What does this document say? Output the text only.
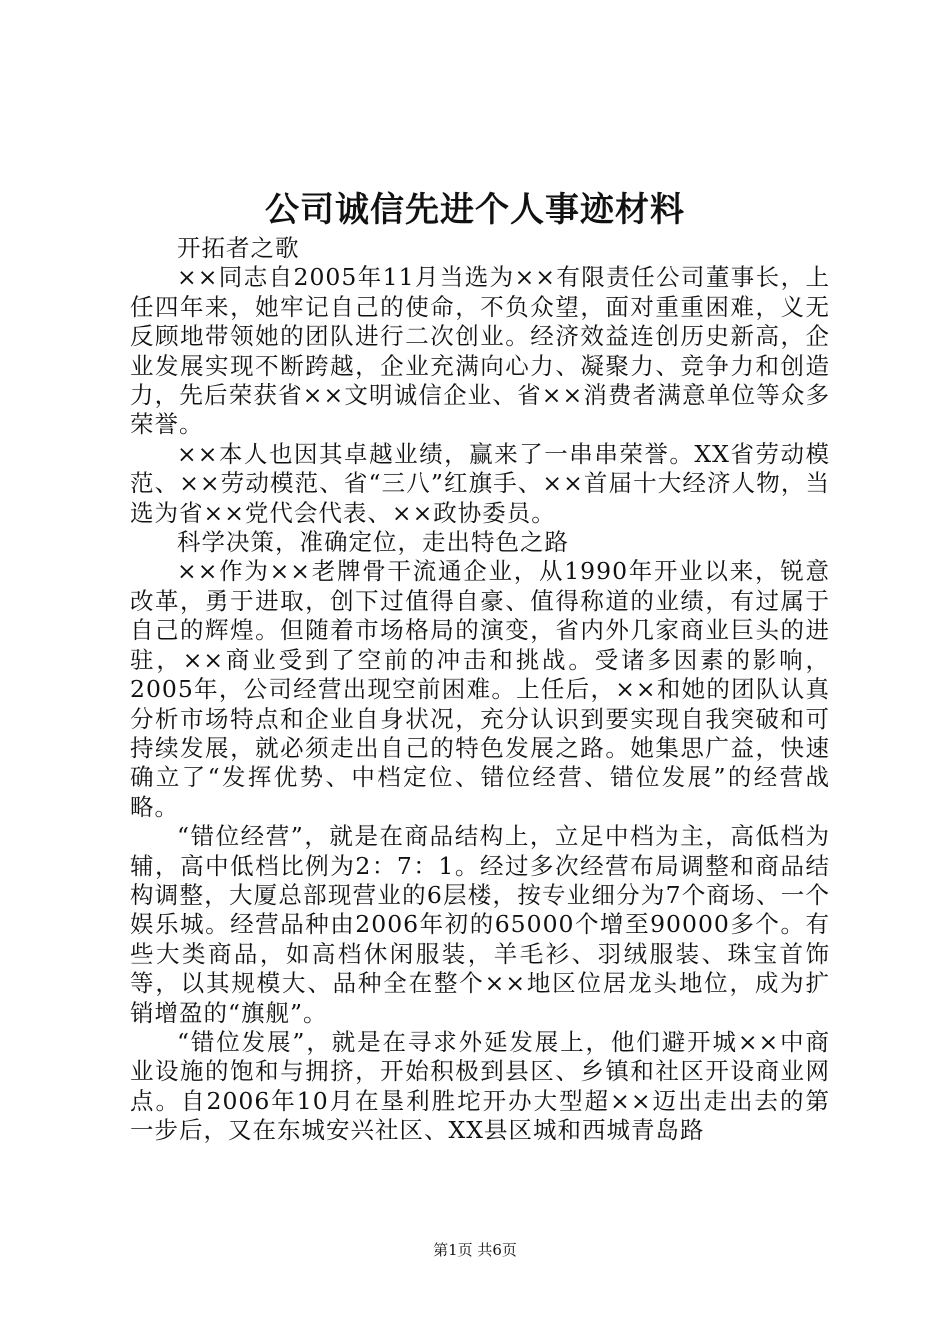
公司诚信先进个人事迹材料

开拓者之歌

××同志自2005年11月当选为××有限责任公司董事长，上任四年来，她牢记自己的使命，不负众望，面对重重困难，义无反顾地带领她的团队进行二次创业。经济效益连创历史新高，企业发展实现不断跨越，企业充满向心力、凝聚力、竞争力和创造力，先后荣获省××文明诚信企业、省××消费者满意单位等众多荣誉。

××本人也因其卓越业绩，赢来了一串串荣誉。XX省劳动模范、××劳动模范、省“三八”红旗手、××首届十大经济人物，当选为省××党代会代表、××政协委员。

科学决策，准确定位，走出特色之路

××作为××老牌骨干流通企业，从1990年开业以来，锐意改革，勇于进取，创下过值得自豪、值得称道的业绩，有过属于自己的辉煌。但随着市场格局的演变，省内外几家商业巨头的进驻，××商业受到了空前的冲击和挑战。受诸多因素的影响，2005年，公司经营出现空前困难。上任后，××和她的团队认真分析市场特点和企业自身状况，充分认识到要实现自我突破和可持续发展，就必须走出自己的特色发展之路。她集思广益，快速确立了“发挥优势、中档定位、错位经营、错位发展”的经营战略。

“错位经营”，就是在商品结构上，立足中档为主，高低档为辅，高中低档比例为2：7：1。经过多次经营布局调整和商品结构调整，大厦总部现营业的6层楼，按专业细分为7个商场、一个娱乐城。经营品种由2006年初的65000个增至90000多个。有些大类商品，如高档休闲服装，羊毛衫、羽绒服装、珠宝首饰等，以其规模大、品种全在整个××地区位居龙头地位，成为扩销增盈的“旗舰”。

“错位发展”，就是在寻求外延发展上，他们避开城××中商业设施的饱和与拥挤，开始积极到县区、乡镇和社区开设商业网点。自2006年10月在垦利胜坨开办大型超××迈出走出去的第一步后，又在东城安兴社区、XX县区城和西城青岛路

第1页 共6页
